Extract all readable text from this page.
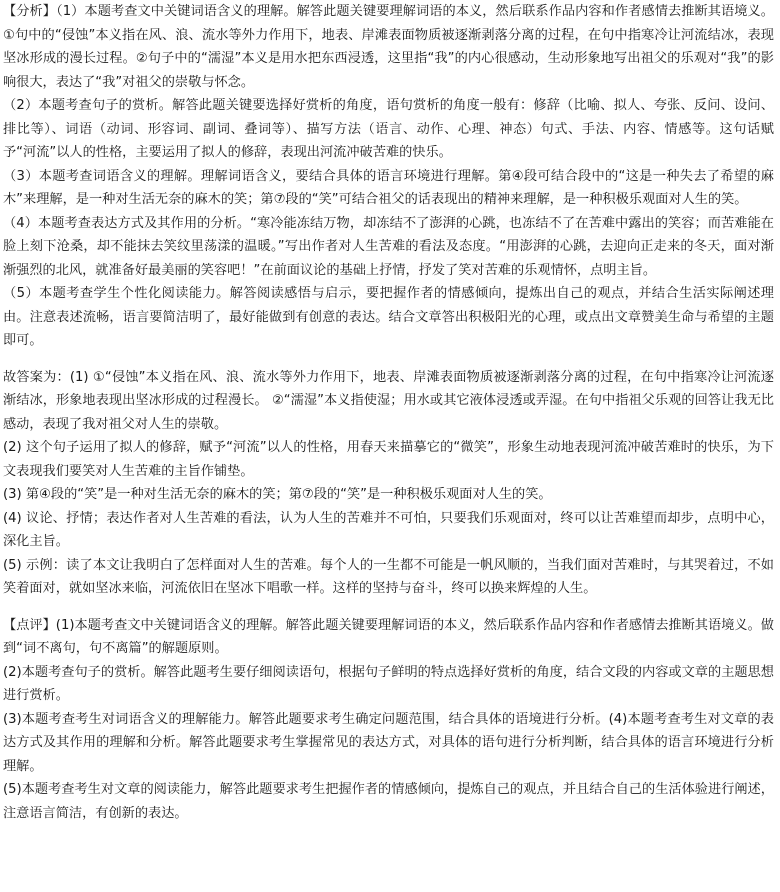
【分析】（1）本题考查文中关键词语含义的理解。解答此题关键要理解词语的本义，然后联系作品内容和作者感情去推断其语境义。①句中的“侵蚀”本义指在风、浪、流水等外力作用下，地表、岸滩表面物质被逐渐剥落分离的过程，在句中指寒冷让河流结冰，表现坚冰形成的漫长过程。②句子中的“濡湿”本义是用水把东西浸透，这里指“我”的内心很感动，生动形象地写出祖父的乐观对“我”的影响很大，表达了“我”对祖父的崇敬与怀念。

（2）本题考查句子的赏析。解答此题关键要选择好赏析的角度，语句赏析的角度一般有：修辞（比喻、拟人、夸张、反问、设问、排比等）、词语（动词、形容词、副词、叠词等）、描写方法（语言、动作、心理、神态）句式、手法、内容、情感等。这句话赋予“河流”以人的性格，主要运用了拟人的修辞，表现出河流冲破苦难的快乐。

（3）本题考查词语含义的理解。理解词语含义，要结合具体的语言环境进行理解。第④段可结合段中的“这是一种失去了希望的麻木”来理解，是一种对生活无奈的麻木的笑；第⑦段的“笑”可结合祖父的话表现出的精神来理解，是一种积极乐观面对人生的笑。

（4）本题考查表达方式及其作用的分析。“寒冷能冻结万物，却冻结不了澎湃的心跳，也冻结不了在苦难中露出的笑容；而苦难能在脸上刻下沧桑，却不能抹去笑纹里荡漾的温暖。”写出作者对人生苦难的看法及态度。“用澎湃的心跳，去迎向正走来的冬天，面对渐渐强烈的北风，就准备好最美丽的笑容吧！”在前面议论的基础上抒情，抒发了笑对苦难的乐观情怀，点明主旨。

（5）本题考查学生个性化阅读能力。解答阅读感悟与启示，要把握作者的情感倾向，提炼出自己的观点，并结合生活实际阐述理由。注意表述流畅，语言要简洁明了，最好能做到有创意的表达。结合文章答出积极阳光的心理，或点出文章赞美生命与希望的主题即可。

故答案为：(1) ①“侵蚀”本义指在风、浪、流水等外力作用下，地表、岸滩表面物质被逐渐剥落分离的过程，在句中指寒冷让河流逐渐结冰，形象地表现出坚冰形成的过程漫长。 ②“濡湿”本义指使湿；用水或其它液体浸透或弄湿。在句中指祖父乐观的回答让我无比感动，表现了我对祖父对人生的崇敬。

(2) 这个句子运用了拟人的修辞，赋予“河流”以人的性格，用春天来描摹它的“微笑”，形象生动地表现河流冲破苦难时的快乐，为下文表现我们要笑对人生苦难的主旨作铺垫。

(3) 第④段的“笑”是一种对生活无奈的麻木的笑；第⑦段的“笑”是一种积极乐观面对人生的笑。

(4) 议论、抒情；表达作者对人生苦难的看法，认为人生的苦难并不可怕，只要我们乐观面对，终可以让苦难望而却步，点明中心，深化主旨。

(5) 示例：读了本文让我明白了怎样面对人生的苦难。每个人的一生都不可能是一帆风顺的，当我们面对苦难时，与其哭着过，不如笑着面对，就如坚冰来临，河流依旧在坚冰下唱歌一样。这样的坚持与奋斗，终可以换来辉煌的人生。

【点评】(1)本题考查文中关键词语含义的理解。解答此题关键要理解词语的本义，然后联系作品内容和作者感情去推断其语境义。做到“词不离句，句不离篇”的解题原则。

(2)本题考查句子的赏析。解答此题考生要仔细阅读语句，根据句子鲜明的特点选择好赏析的角度，结合文段的内容或文章的主题思想进行赏析。

(3)本题考查考生对词语含义的理解能力。解答此题要求考生确定问题范围，结合具体的语境进行分析。(4)本题考查考生对文章的表达方式及其作用的理解和分析。解答此题要求考生掌握常见的表达方式，对具体的语句进行分析判断，结合具体的语言环境进行分析理解。

(5)本题考查考生对文章的阅读能力，解答此题要求考生把握作者的情感倾向，提炼自己的观点，并且结合自己的生活体验进行阐述，注意语言简洁，有创新的表达。
